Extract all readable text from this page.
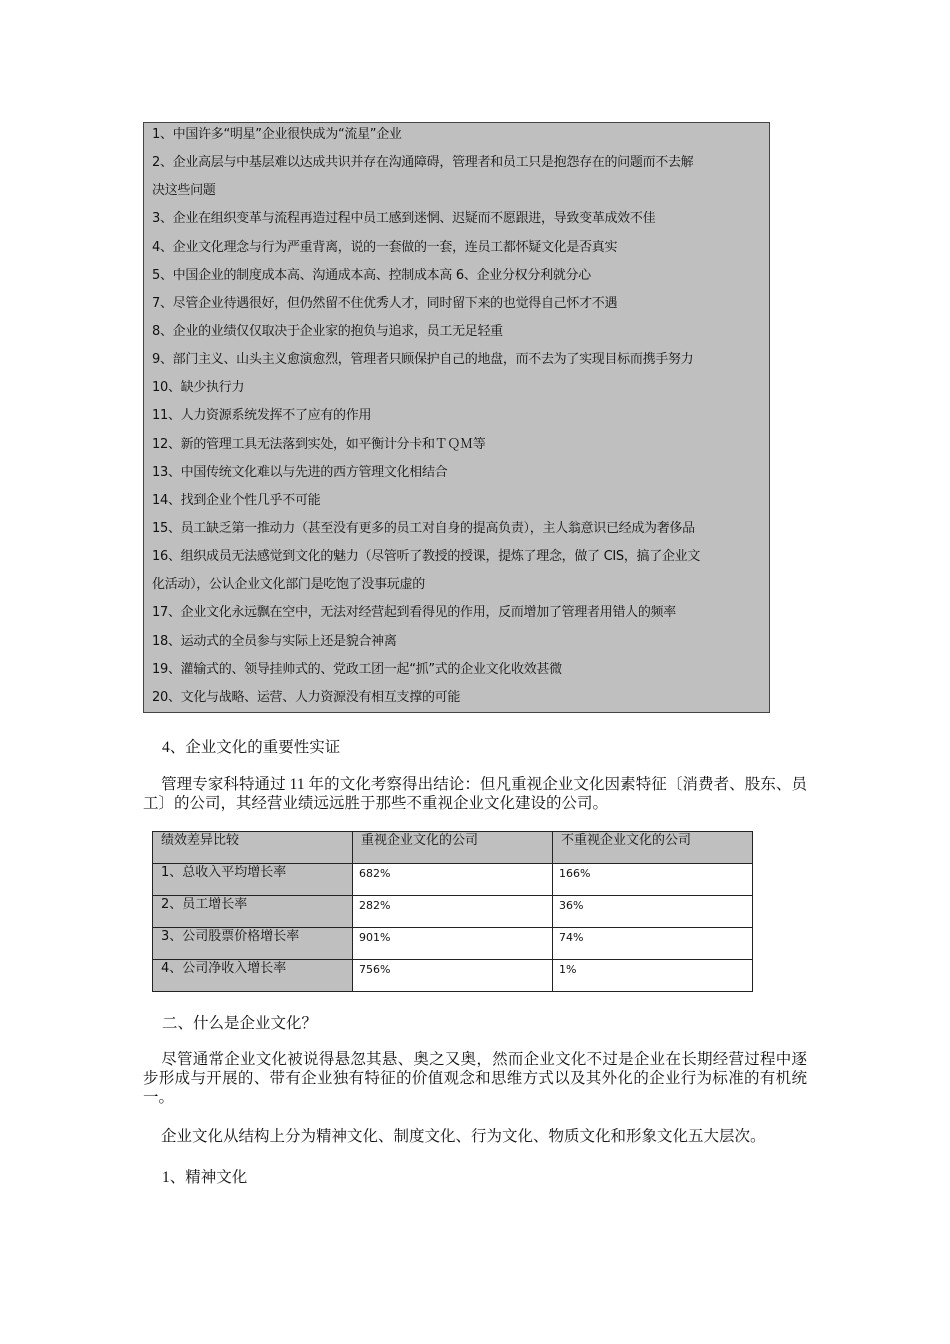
1、中国许多“明星”企业很快成为“流星”企业
2、企业高层与中基层难以达成共识并存在沟通障碍，管理者和员工只是抱怨存在的问题而不去解
决这些问题
3、企业在组织变革与流程再造过程中员工感到迷惘、迟疑而不愿跟进，导致变革成效不佳
4、企业文化理念与行为严重背离，说的一套做的一套，连员工都怀疑文化是否真实
5、中国企业的制度成本高、沟通成本高、控制成本高 6、企业分权分利就分心
7、尽管企业待遇很好，但仍然留不住优秀人才，同时留下来的也觉得自己怀才不遇
8、企业的业绩仅仅取决于企业家的抱负与追求，员工无足轻重
9、部门主义、山头主义愈演愈烈，管理者只顾保护自己的地盘，而不去为了实现目标而携手努力
10、缺少执行力
11、人力资源系统发挥不了应有的作用
12、新的管理工具无法落到实处，如平衡计分卡和ＴＱＭ等
13、中国传统文化难以与先进的西方管理文化相结合
14、找到企业个性几乎不可能
15、员工缺乏第一推动力（甚至没有更多的员工对自身的提高负责），主人翁意识已经成为奢侈品
16、组织成员无法感觉到文化的魅力（尽管听了教授的授课，提炼了理念，做了 CIS，搞了企业文
化活动），公认企业文化部门是吃饱了没事玩虚的
17、企业文化永远飘在空中，无法对经营起到看得见的作用，反而增加了管理者用错人的频率
18、运动式的全员参与实际上还是貌合神离
19、灌输式的、领导挂帅式的、党政工团一起“抓”式的企业文化收效甚微
20、文化与战略、运营、人力资源没有相互支撑的可能
4、企业文化的重要性实证
管理专家科特通过 11 年的文化考察得出结论：但凡重视企业文化因素特征〔消费者、股东、员工〕的公司，其经营业绩远远胜于那些不重视企业文化建设的公司。
绩效差异比较	重视企业文化的公司	不重视企业文化的公司
1、总收入平均增长率	682%	166%
2、员工增长率	282%	36%
3、公司股票价格增长率	901%	74%
4、公司净收入增长率	756%	1%
二、什么是企业文化？
尽管通常企业文化被说得悬忽其悬、奥之又奥，然而企业文化不过是企业在长期经营过程中逐步形成与开展的、带有企业独有特征的价值观念和思维方式以及其外化的企业行为标准的有机统一。
企业文化从结构上分为精神文化、制度文化、行为文化、物质文化和形象文化五大层次。
1、精神文化
